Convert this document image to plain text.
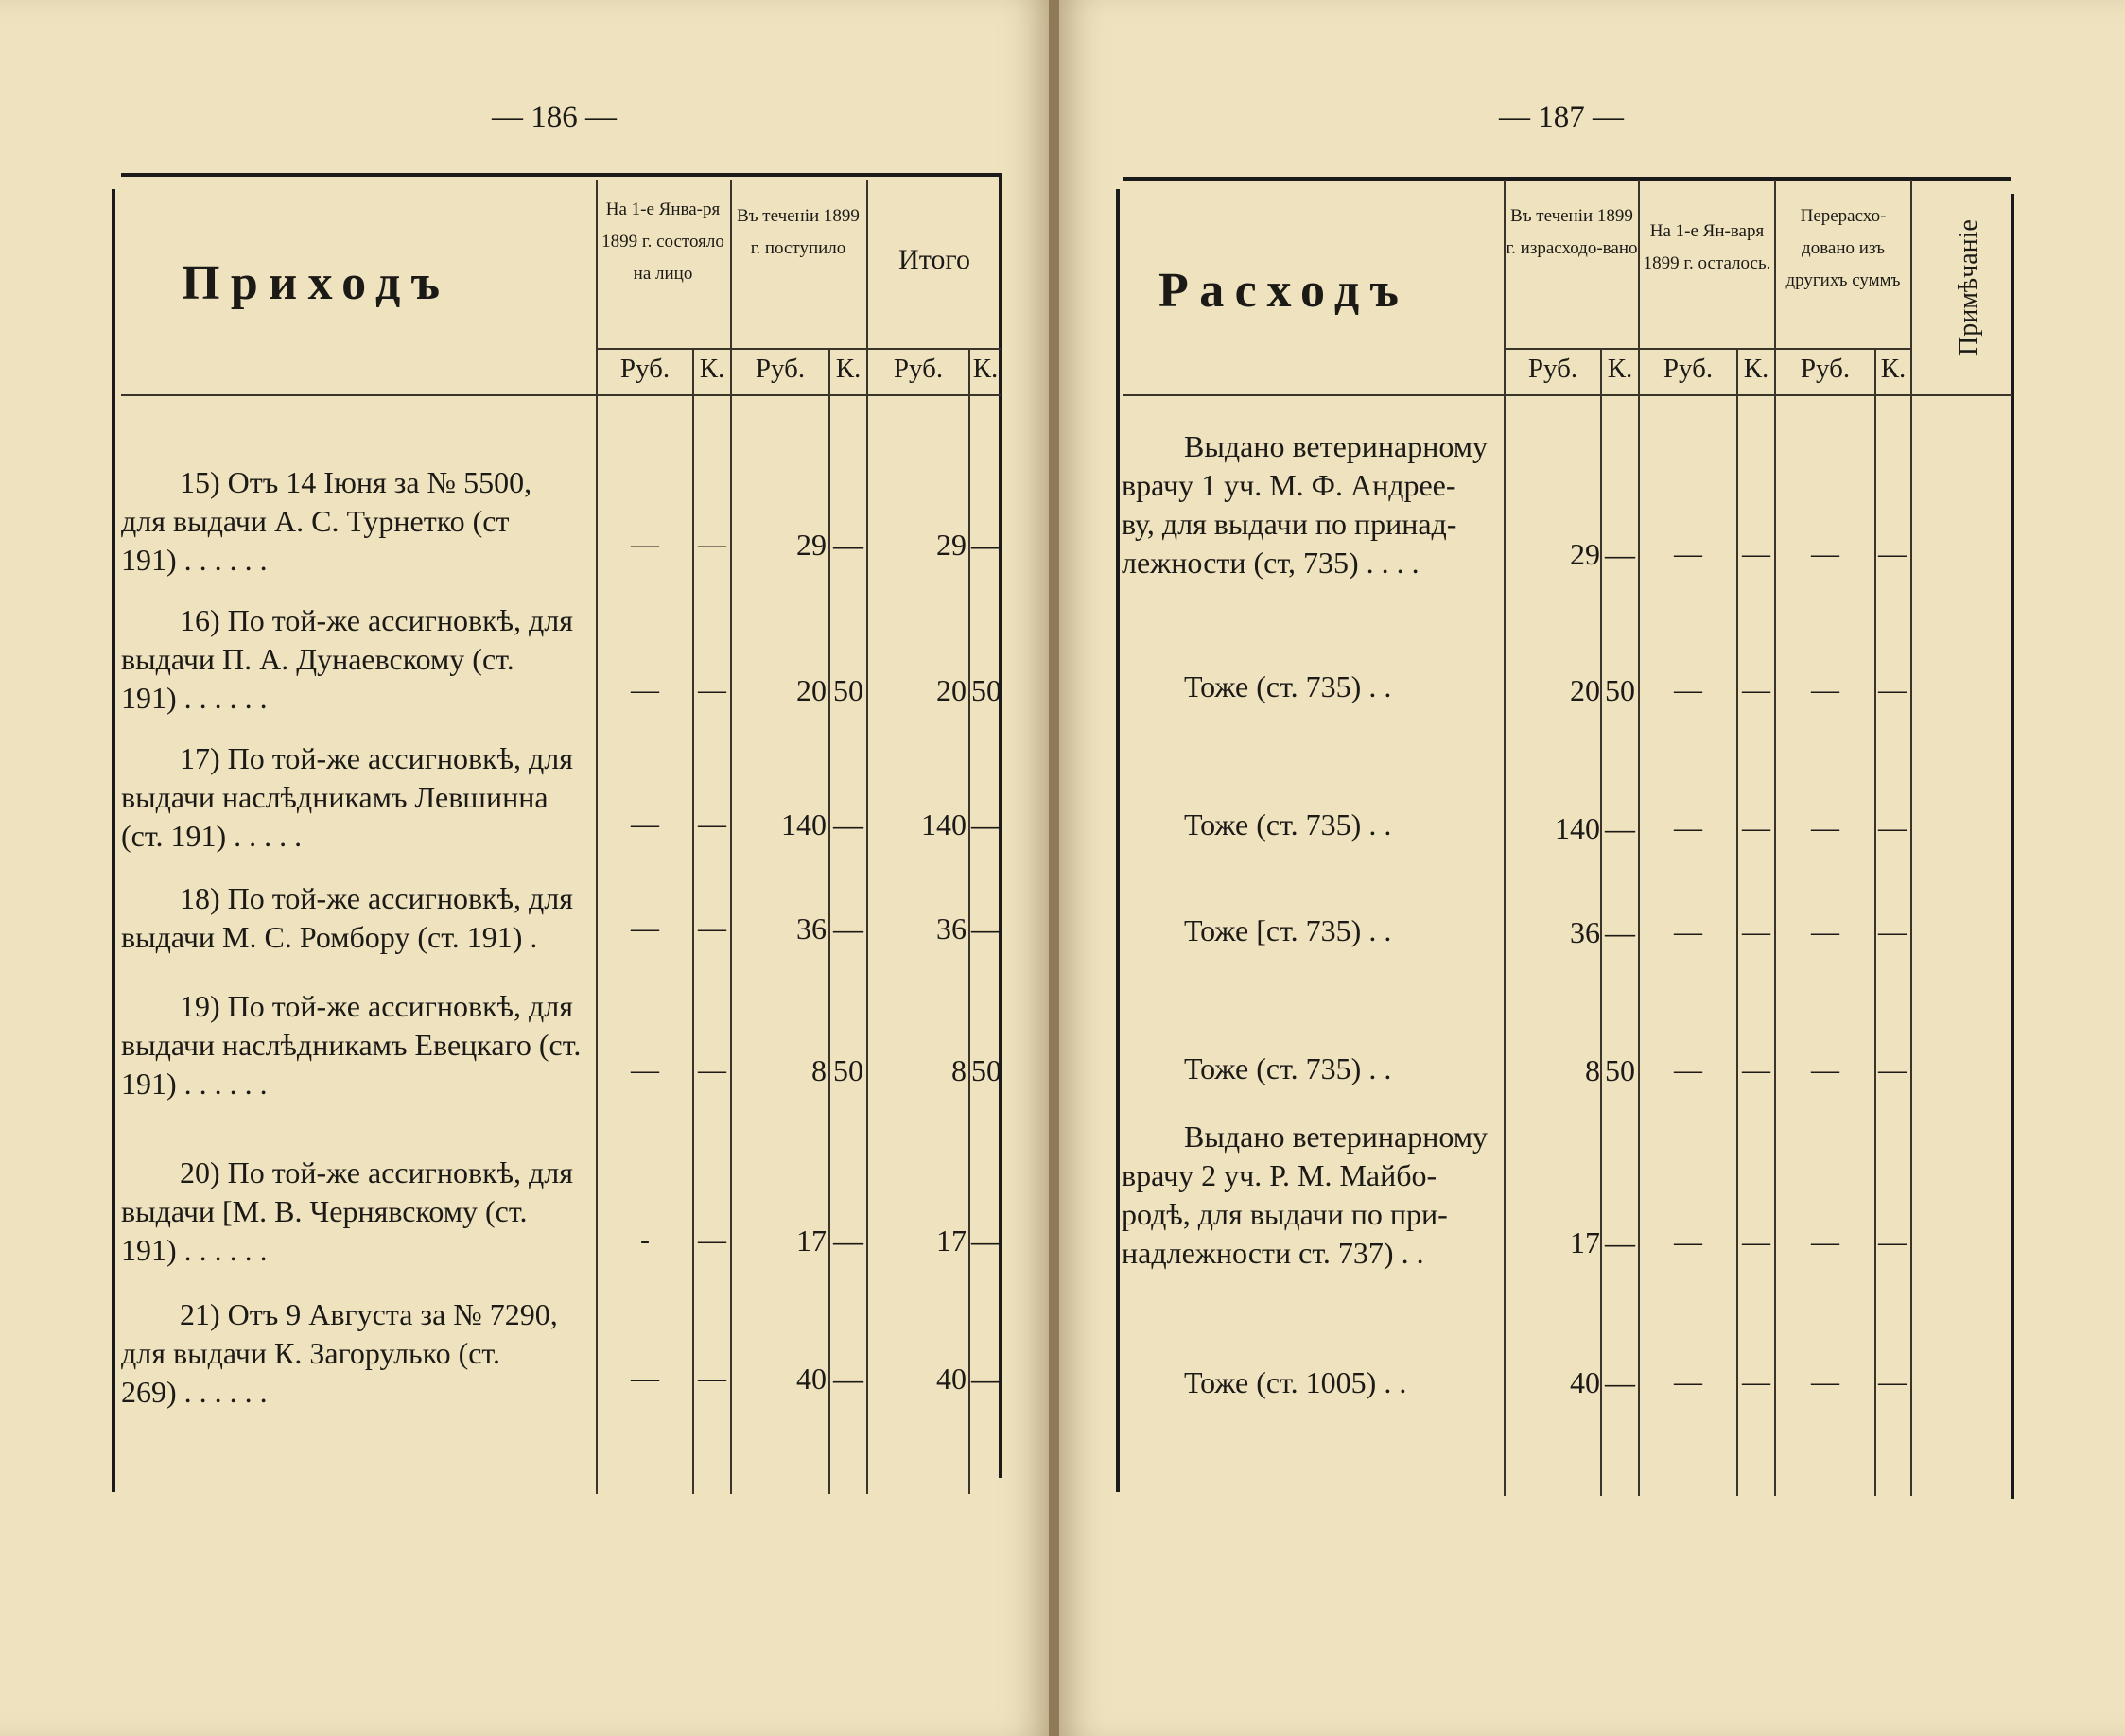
— 186 —
Приходъ
На 1-е Янва-ря 1899 г. состояло на лицо
Въ теченіи 1899 г. поступило	Итого
Руб.	К.	Руб.	К.	Руб.	К.
15) Отъ 14 Іюня за № 5500,
для выдачи А. С. Турнетко (ст
191) . . . . . .	—	—	29 —	29 —
16) По той-же ассигновкѣ, для
выдачи П. А. Дунаевскому (ст.
191) . . . . . .	—	—	20 50	20 50
17) По той-же ассигновкѣ, для
выдачи наслѣдникамъ Левшинна
(ст. 191) . . . . .	—	—	140 —	140 —
18) По той-же ассигновкѣ, для
выдачи М. С. Ромбору (ст. 191) .	—	—	36 —	36 —
19) По той-же ассигновкѣ, для
выдачи наслѣдникамъ Евецкаго (ст.
191) . . . . . .	—	—	8 50	8 50
20) По той-же ассигновкѣ, для
выдачи [М. В. Чернявскому (ст.
191) . . . . . .	-	—	17 —	17 —
21) Отъ 9 Августа за № 7290,
для выдачи К. Загорулько (ст.
269) . . . . . .	—	—	40 —	40 —
— 187 —
Расходъ
Въ теченіи 1899 г. израсходо-вано
На 1-е Ян-варя 1899 г. осталось.
Перерасхо-довано изъ другихъ суммъ	Примѣчаніе
Руб.	К.	Руб.	К.	Руб.	К.
Выдано ветеринарному
врачу 1 уч. М. Ф. Андрее-
ву, для выдачи по принад-
лежности (ст, 735) . . . .	29 —	—	—	—	—
Тоже (ст. 735) . .	20 50	—	—	—	—
Тоже (ст. 735) . .	140 —	—	—	—	—
Тоже [ст. 735) . .	36 —	—	—	—	—
Тоже (ст. 735) . .	8 50	—	—	—	—
Выдано ветеринарному
врачу 2 уч. Р. М. Майбо-
родѣ, для выдачи по при-
надлежности ст. 737) . .	17 —	—	—	—	—
Тоже (ст. 1005) . .	40 —	—	—	—	—
